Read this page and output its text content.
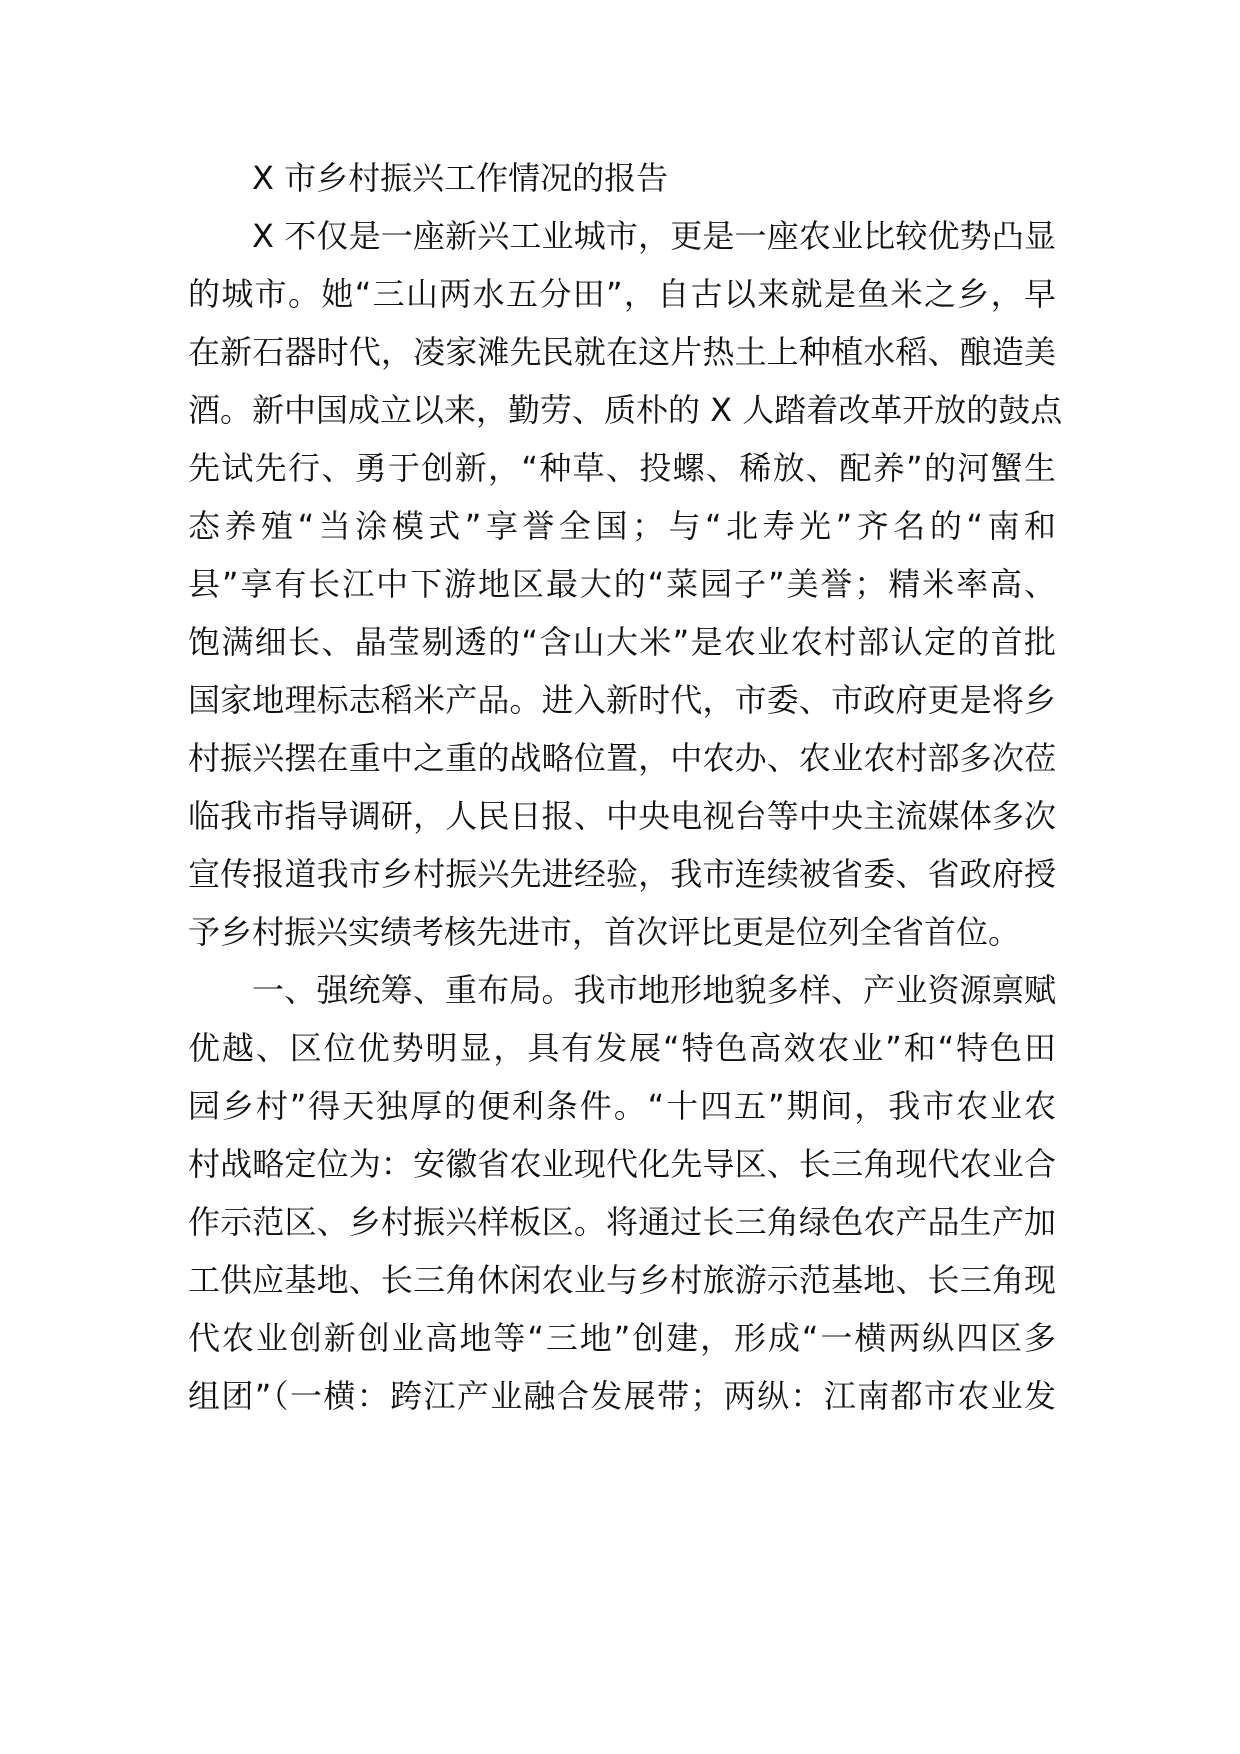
X 市乡村振兴工作情况的报告
X 不仅是一座新兴工业城市，更是一座农业比较优势凸显
的城市。她“三山两水五分田”，自古以来就是鱼米之乡，早
在新石器时代，凌家滩先民就在这片热土上种植水稻、酿造美
酒。新中国成立以来，勤劳、质朴的 X 人踏着改革开放的鼓点
先试先行、勇于创新，“种草、投螺、稀放、配养”的河蟹生
态养殖“当涂模式”享誉全国；与“北寿光”齐名的“南和
县”享有长江中下游地区最大的“菜园子”美誉；精米率高、
饱满细长、晶莹剔透的“含山大米”是农业农村部认定的首批
国家地理标志稻米产品。进入新时代，市委、市政府更是将乡
村振兴摆在重中之重的战略位置，中农办、农业农村部多次莅
临我市指导调研，人民日报、中央电视台等中央主流媒体多次
宣传报道我市乡村振兴先进经验，我市连续被省委、省政府授
予乡村振兴实绩考核先进市，首次评比更是位列全省首位。
一、强统筹、重布局。我市地形地貌多样、产业资源禀赋
优越、区位优势明显，具有发展“特色高效农业”和“特色田
园乡村”得天独厚的便利条件。“十四五”期间，我市农业农
村战略定位为：安徽省农业现代化先导区、长三角现代农业合
作示范区、乡村振兴样板区。将通过长三角绿色农产品生产加
工供应基地、长三角休闲农业与乡村旅游示范基地、长三角现
代农业创新创业高地等“三地”创建，形成“一横两纵四区多
组团”（一横：跨江产业融合发展带；两纵：江南都市农业发
